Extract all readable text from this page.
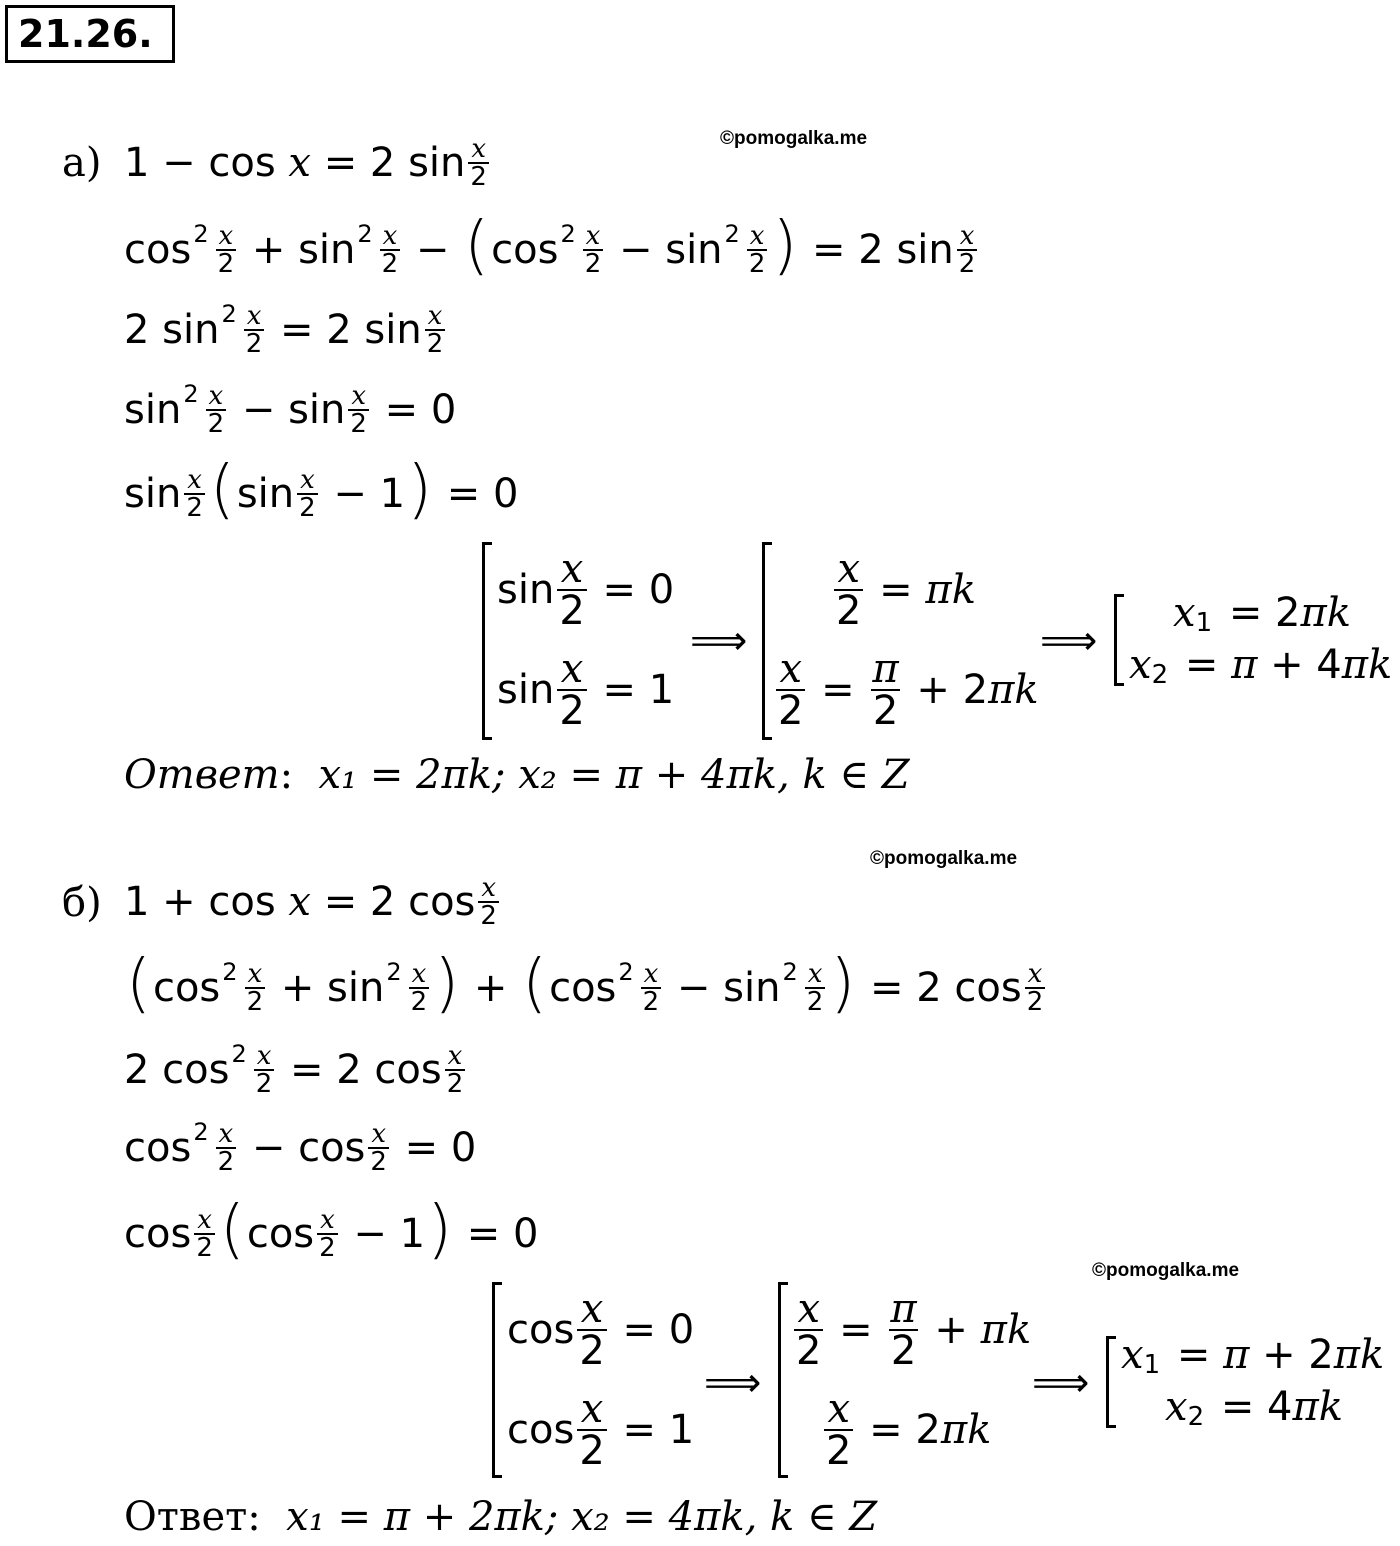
21.26.
©pomogalka.me
©pomogalka.me
©pomogalka.me
а) 1 − cos x = 2 $\sin \frac{x}{2}$
$\cos 2 \frac{x}{2} + \sin 2 \frac{x}{2}$ − ( $\cos 2 \frac{x}{2} - \sin 2 \frac{x}{2}$ ) = 2 $\sin \frac{x}{2}$
2 $\sin 2 \frac{x}{2} = 2$ $\sin \frac{x}{2}$
$\sin 2 \frac{x}{2} - \sin \frac{x}{2} = 0$
$\sin \frac{x}{2}$ ( $\sin \frac{x}{2} - 1$ ) = 0
$\sin \frac{x}{2} = 0$
$\sin \frac{x}{2} = 1$
⟹
$\frac{x}{2} = \pi k$
$\frac{x}{2} = \frac{\pi}{2} + 2$ πk
⟹
x 1 = 2 πk
x 2 = π + 4 πk
Ответ:  x₁ = 2πk; x₂ = π + 4πk, k ∈ Z
б) 1 + cos x = 2 $\cos \frac{x}{2}$
( $\cos 2 \frac{x}{2} + \sin 2 \frac{x}{2}$ ) + ( $\cos 2 \frac{x}{2} - \sin 2 \frac{x}{2}$ ) = 2 $\cos \frac{x}{2}$
2 $\cos 2 \frac{x}{2} = 2$ $\cos \frac{x}{2}$
$\cos 2 \frac{x}{2} - \cos \frac{x}{2} = 0$
$\cos \frac{x}{2}$ ( $\cos \frac{x}{2} - 1$ ) = 0
$\cos \frac{x}{2} = 0$
$\cos \frac{x}{2} = 1$
⟹
$\frac{x}{2} = \frac{\pi}{2} + \pi k$
$\frac{x}{2} = 2$ πk
⟹
x 1 = π + 2 πk
x 2 = 4 πk
Ответ:  x₁ = π + 2πk; x₂ = 4πk, k ∈ Z
